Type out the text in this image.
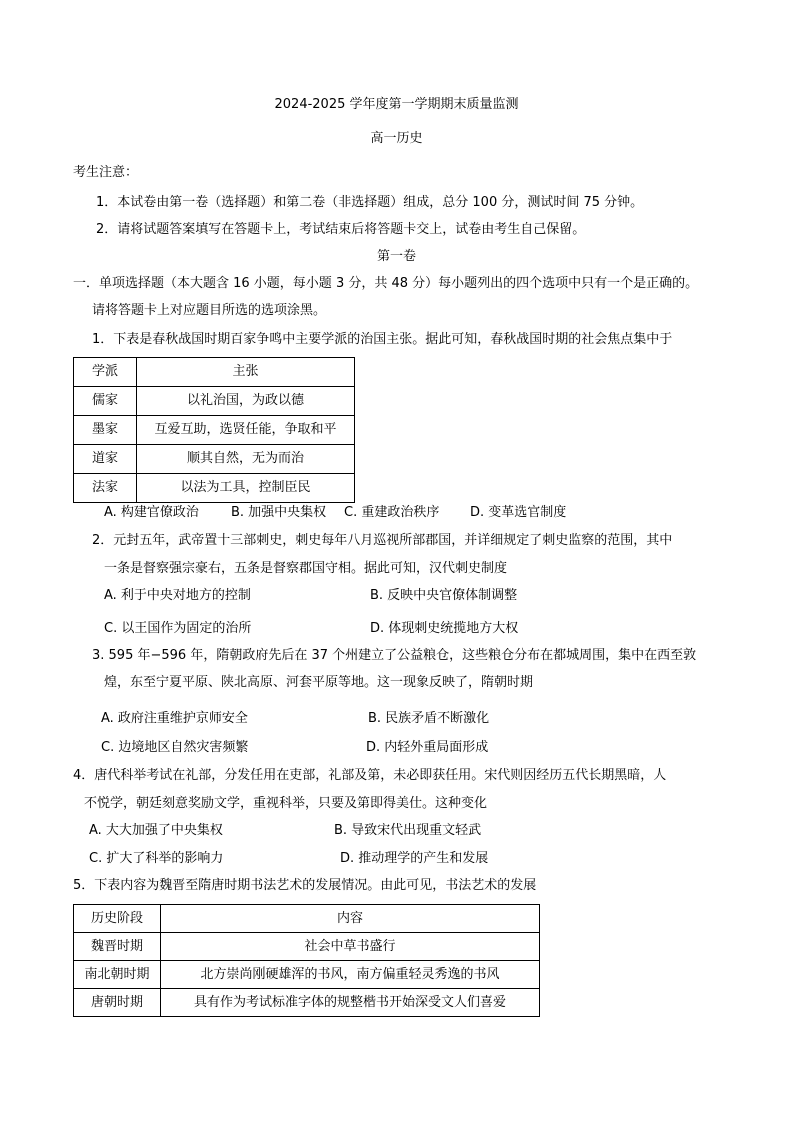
2024-2025 学年度第一学期期末质量监测
高一历史
考生注意：
1．本试卷由第一卷（选择题）和第二卷（非选择题）组成，总分 100 分，测试时间 75 分钟。
2．请将试题答案填写在答题卡上，考试结束后将答题卡交上，试卷由考生自己保留。
第一卷
一．单项选择题（本大题含 16 小题，每小题 3 分，共 48 分）每小题列出的四个选项中只有一个是正确的。
请将答题卡上对应题目所选的选项涂黑。
1．下表是春秋战国时期百家争鸣中主要学派的治国主张。据此可知，春秋战国时期的社会焦点集中于
学派	主张
儒家	以礼治国，为政以德
墨家	互爱互助，选贤任能，争取和平
道家	顺其自然，无为而治
法家	以法为工具，控制臣民
A. 构建官僚政治 B. 加强中央集权 C. 重建政治秩序 D. 变革选官制度
2．元封五年，武帝置十三部刺史，刺史每年八月巡视所部郡国，并详细规定了刺史监察的范围，其中
一条是督察强宗豪右，五条是督察郡国守相。据此可知，汉代刺史制度
A. 利于中央对地方的控制	B. 反映中央官僚体制调整
C. 以王国作为固定的治所	D. 体现刺史统揽地方大权
3. 595 年−596 年，隋朝政府先后在 37 个州建立了公益粮仓，这些粮仓分布在都城周围，集中在西至敦
煌，东至宁夏平原、陕北高原、河套平原等地。这一现象反映了，隋朝时期
A. 政府注重维护京师安全	B. 民族矛盾不断激化
C. 边境地区自然灾害频繁	D. 内轻外重局面形成
4．唐代科举考试在礼部，分发任用在吏部，礼部及第，未必即获任用。宋代则因经历五代长期黑暗，人
不悦学，朝廷刻意奖励文学，重视科举，只要及第即得美仕。这种变化
A. 大大加强了中央集权	B. 导致宋代出现重文轻武
C. 扩大了科举的影响力	D. 推动理学的产生和发展
5．下表内容为魏晋至隋唐时期书法艺术的发展情况。由此可见，书法艺术的发展
历史阶段	内容
魏晋时期	社会中草书盛行
南北朝时期	北方崇尚刚硬雄浑的书风，南方偏重轻灵秀逸的书风
唐朝时期	具有作为考试标准字体的规整楷书开始深受文人们喜爱
